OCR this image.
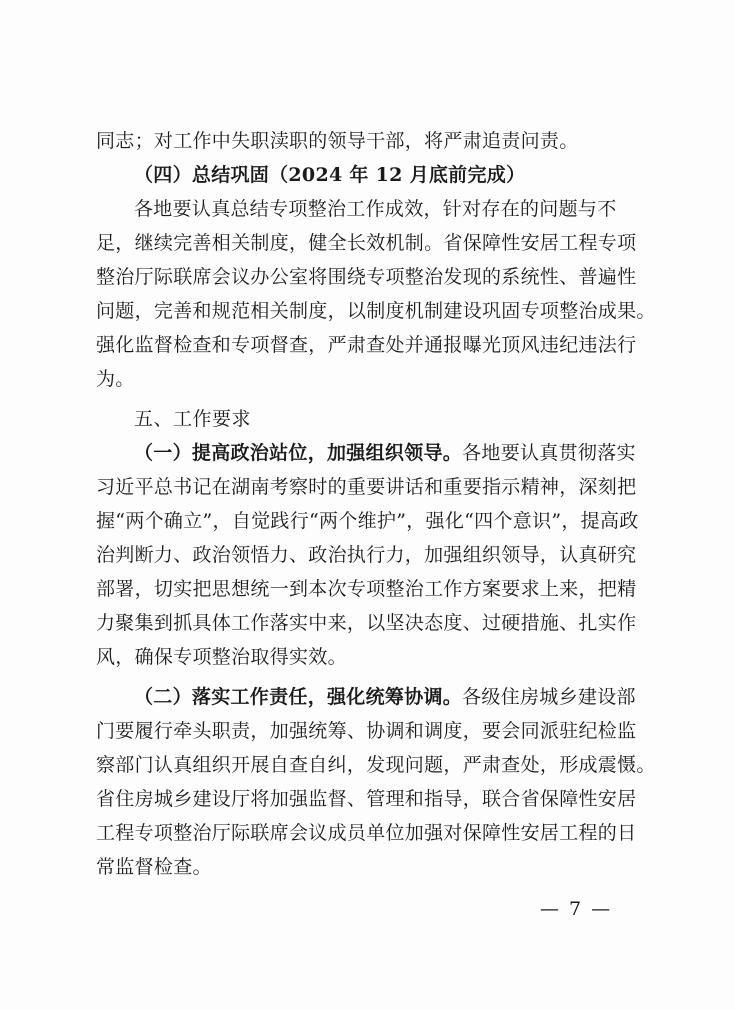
同志；对工作中失职渎职的领导干部，将严肃追责问责。
（四）总结巩固（2024 年 12 月底前完成）
各地要认真总结专项整治工作成效，针对存在的问题与不
足，继续完善相关制度，健全长效机制。省保障性安居工程专项
整治厅际联席会议办公室将围绕专项整治发现的系统性、普遍性
问题，完善和规范相关制度，以制度机制建设巩固专项整治成果。
强化监督检查和专项督查，严肃查处并通报曝光顶风违纪违法行
为。
五、工作要求
（一）提高政治站位，加强组织领导。各地要认真贯彻落实
习近平总书记在湖南考察时的重要讲话和重要指示精神，深刻把
握“两个确立”，自觉践行“两个维护”，强化“四个意识”，提高政
治判断力、政治领悟力、政治执行力，加强组织领导，认真研究
部署，切实把思想统一到本次专项整治工作方案要求上来，把精
力聚集到抓具体工作落实中来，以坚决态度、过硬措施、扎实作
风，确保专项整治取得实效。
（二）落实工作责任，强化统筹协调。各级住房城乡建设部
门要履行牵头职责，加强统筹、协调和调度，要会同派驻纪检监
察部门认真组织开展自查自纠，发现问题，严肃查处，形成震慑。
省住房城乡建设厅将加强监督、管理和指导，联合省保障性安居
工程专项整治厅际联席会议成员单位加强对保障性安居工程的日
常监督检查。
— 7 —
